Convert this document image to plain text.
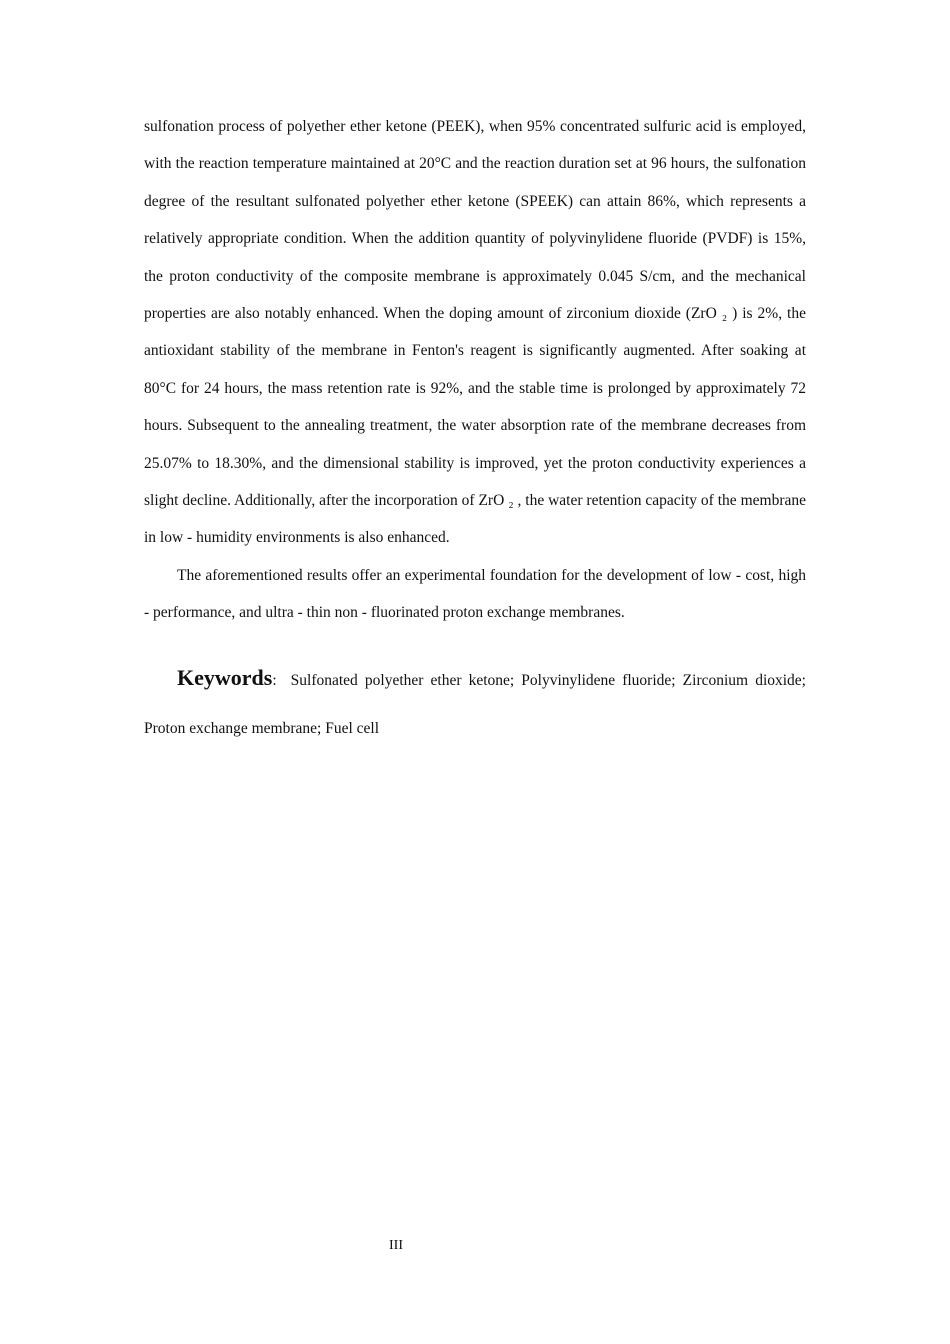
sulfonation process of polyether ether ketone (PEEK), when 95% concentrated sulfuric acid is employed, with the reaction temperature maintained at 20°C and the reaction duration set at 96 hours, the sulfonation degree of the resultant sulfonated polyether ether ketone (SPEEK) can attain 86%, which represents a relatively appropriate condition. When the addition quantity of polyvinylidene fluoride (PVDF) is 15%, the proton conductivity of the composite membrane is approximately 0.045 S/cm, and the mechanical properties are also notably enhanced. When the doping amount of zirconium dioxide (ZrO ₂ ) is 2%, the antioxidant stability of the membrane in Fenton's reagent is significantly augmented. After soaking at 80°C for 24 hours, the mass retention rate is 92%, and the stable time is prolonged by approximately 72 hours. Subsequent to the annealing treatment, the water absorption rate of the membrane decreases from 25.07% to 18.30%, and the dimensional stability is improved, yet the proton conductivity experiences a slight decline. Additionally, after the incorporation of ZrO ₂ , the water retention capacity of the membrane in low - humidity environments is also enhanced.

The aforementioned results offer an experimental foundation for the development of low - cost, high - performance, and ultra - thin non - fluorinated proton exchange membranes.

Keywords: Sulfonated polyether ether ketone; Polyvinylidene fluoride; Zirconium dioxide; Proton exchange membrane; Fuel cell

III
